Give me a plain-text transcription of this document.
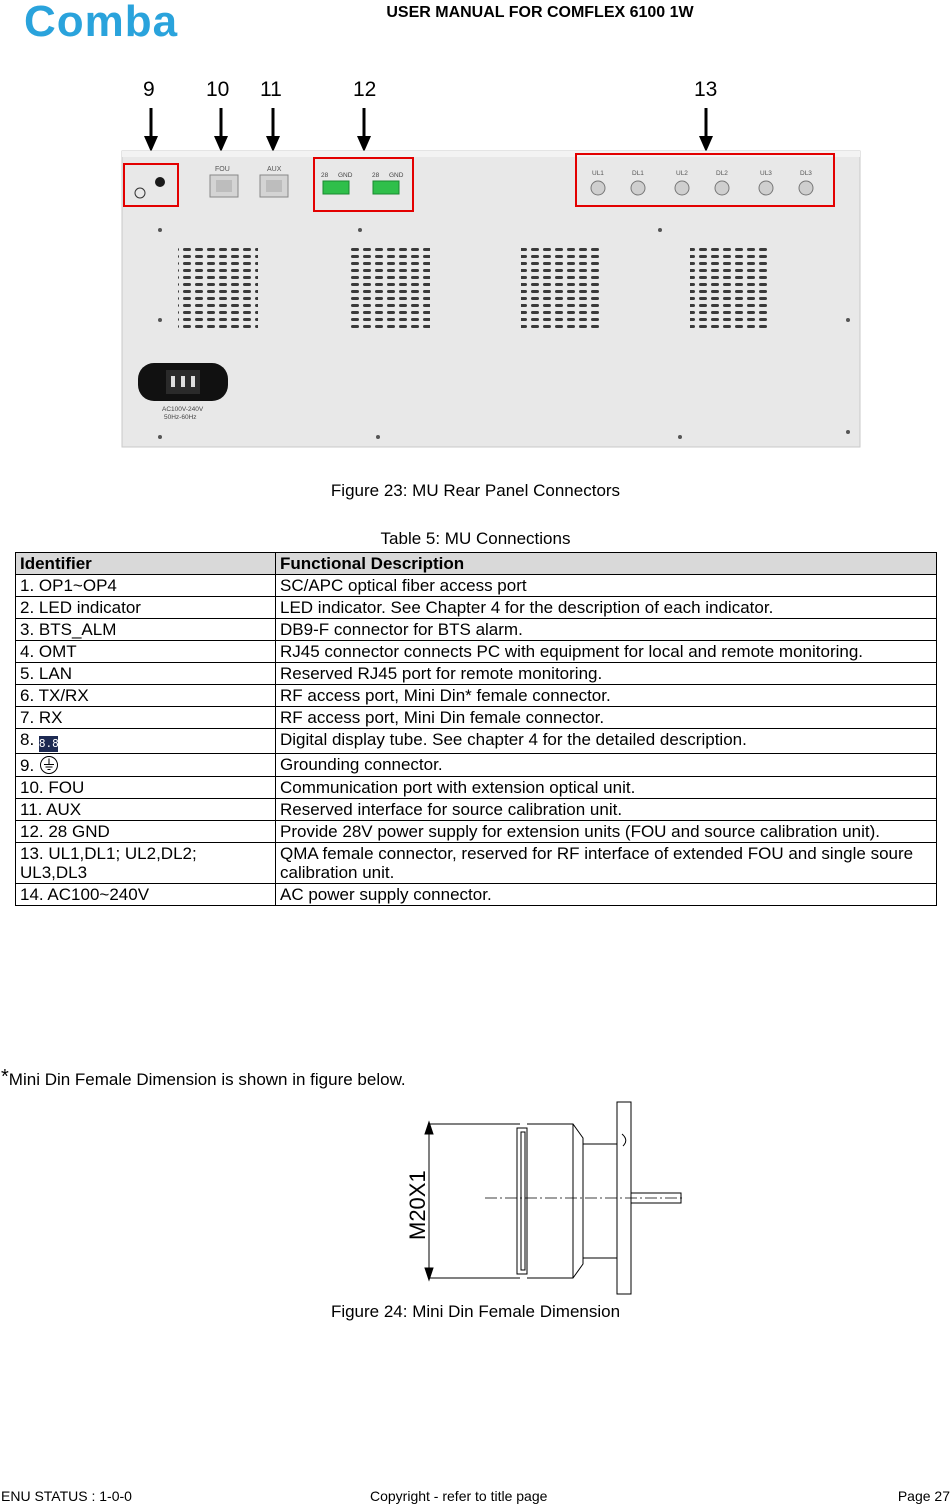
Comba	USER MANUAL FOR COMFLEX 6100 1W
9 10 11	12	13
FOU	AUX
28 GND	28 GND	UL1	DL1	UL2	DL2	UL3	DL3
AC100V-240V
50Hz-60Hz
Figure 23: MU Rear Panel Connectors
Table 5: MU Connections
Identifier	Functional Description
1. OP1~OP4	SC/APC optical fiber access port
2. LED indicator	LED indicator. See Chapter 4 for the description of each indicator.
3. BTS_ALM	DB9-F connector for BTS alarm.
4. OMT	RJ45 connector connects PC with equipment for local and remote monitoring.
5. LAN	Reserved RJ45 port for remote monitoring.
6. TX/RX	RF access port, Mini Din* female connector.
7. RX	RF access port, Mini Din female connector.
8. 8.8	Digital display tube. See chapter 4 for the detailed description.
9.	Grounding connector.
10. FOU	Communication port with extension optical unit.
11. AUX	Reserved interface for source calibration unit.
12. 28 GND	Provide 28V power supply for extension units (FOU and source calibration unit).
13. UL1,DL1; UL2,DL2; UL3,DL3	QMA female connector, reserved for RF interface of extended FOU and single soure calibration unit.
14. AC100~240V	AC power supply connector.
*Mini Din Female Dimension is shown in figure below.
M20X1
Figure 24: Mini Din Female Dimension
ENU STATUS : 1-0-0	Copyright - refer to title page	Page 27
